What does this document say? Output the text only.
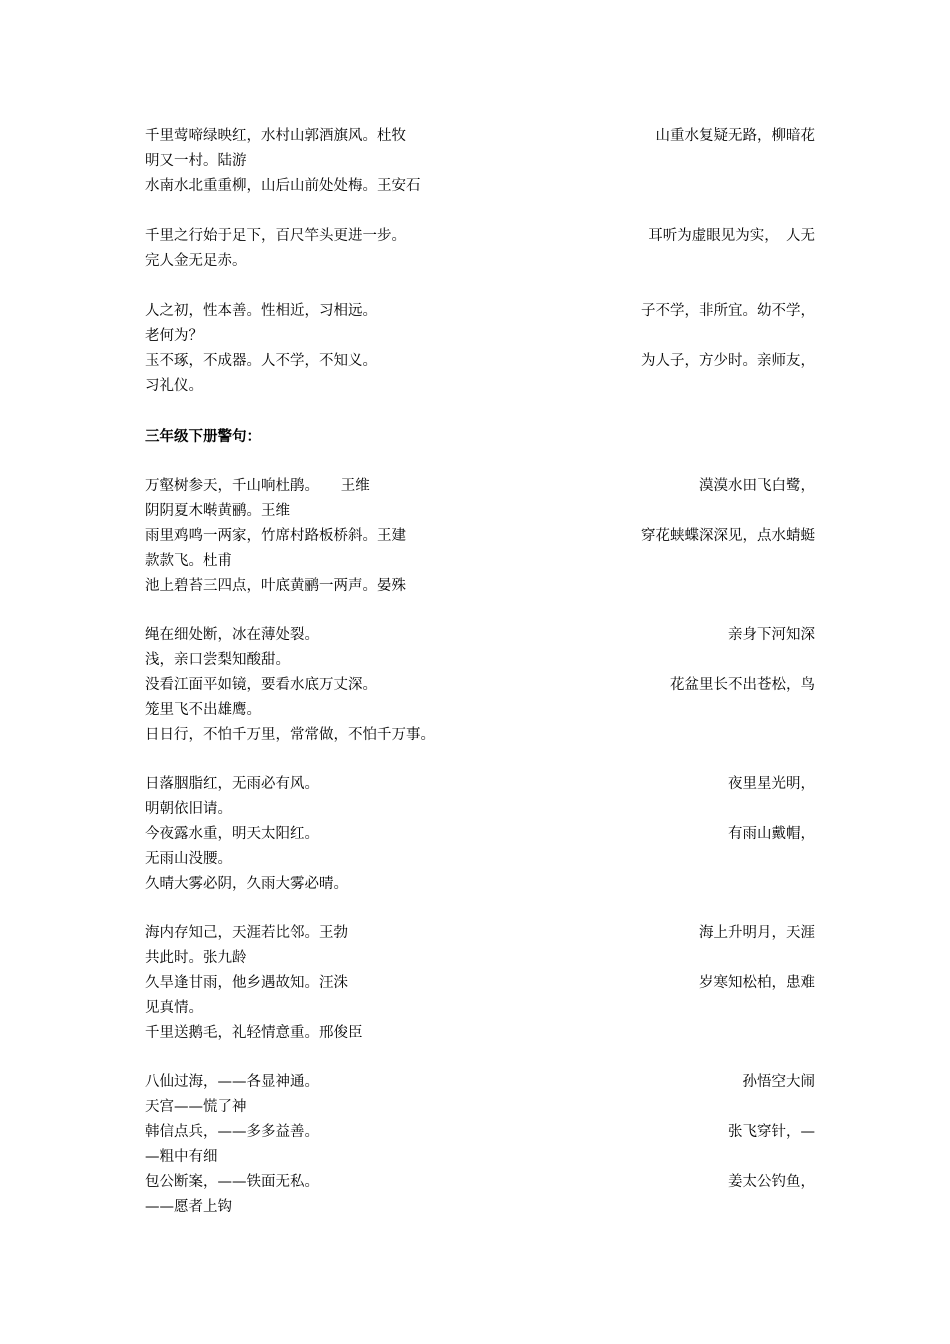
千里莺啼绿映红，水村山郭酒旗风。杜牧	山重水复疑无路，柳暗花
明又一村。陆游
水南水北重重柳，山后山前处处梅。王安石
千里之行始于足下，百尺竿头更进一步。	耳听为虚眼见为实，　人无
完人金无足赤。
人之初，性本善。性相近，习相远。	子不学，非所宜。幼不学，
老何为？
玉不琢，不成器。人不学，不知义。	为人子，方少时。亲师友，
习礼仪。
三年级下册警句：
万壑树参天，千山响杜鹃。　　王维	漠漠水田飞白鹭，
阴阴夏木啭黄鹂。王维
雨里鸡鸣一两家，竹席村路板桥斜。王建	穿花蛱蝶深深见，点水蜻蜓
款款飞。杜甫
池上碧苔三四点，叶底黄鹂一两声。晏殊
绳在细处断，冰在薄处裂。	亲身下河知深
浅，亲口尝梨知酸甜。
没看江面平如镜，要看水底万丈深。	花盆里长不出苍松，鸟
笼里飞不出雄鹰。
日日行，不怕千万里，常常做，不怕千万事。
日落胭脂红，无雨必有风。	夜里星光明，
明朝依旧请。
今夜露水重，明天太阳红。	有雨山戴帽，
无雨山没腰。
久晴大雾必阴，久雨大雾必晴。
海内存知己，天涯若比邻。王勃	海上升明月，天涯
共此时。张九龄
久旱逢甘雨，他乡遇故知。汪洙	岁寒知松柏，患难
见真情。
千里送鹅毛，礼轻情意重。邢俊臣
八仙过海，——各显神通。	孙悟空大闹
天宫——慌了神
韩信点兵，——多多益善。	张飞穿针，—
—粗中有细
包公断案，——铁面无私。	姜太公钓鱼，
——愿者上钩
